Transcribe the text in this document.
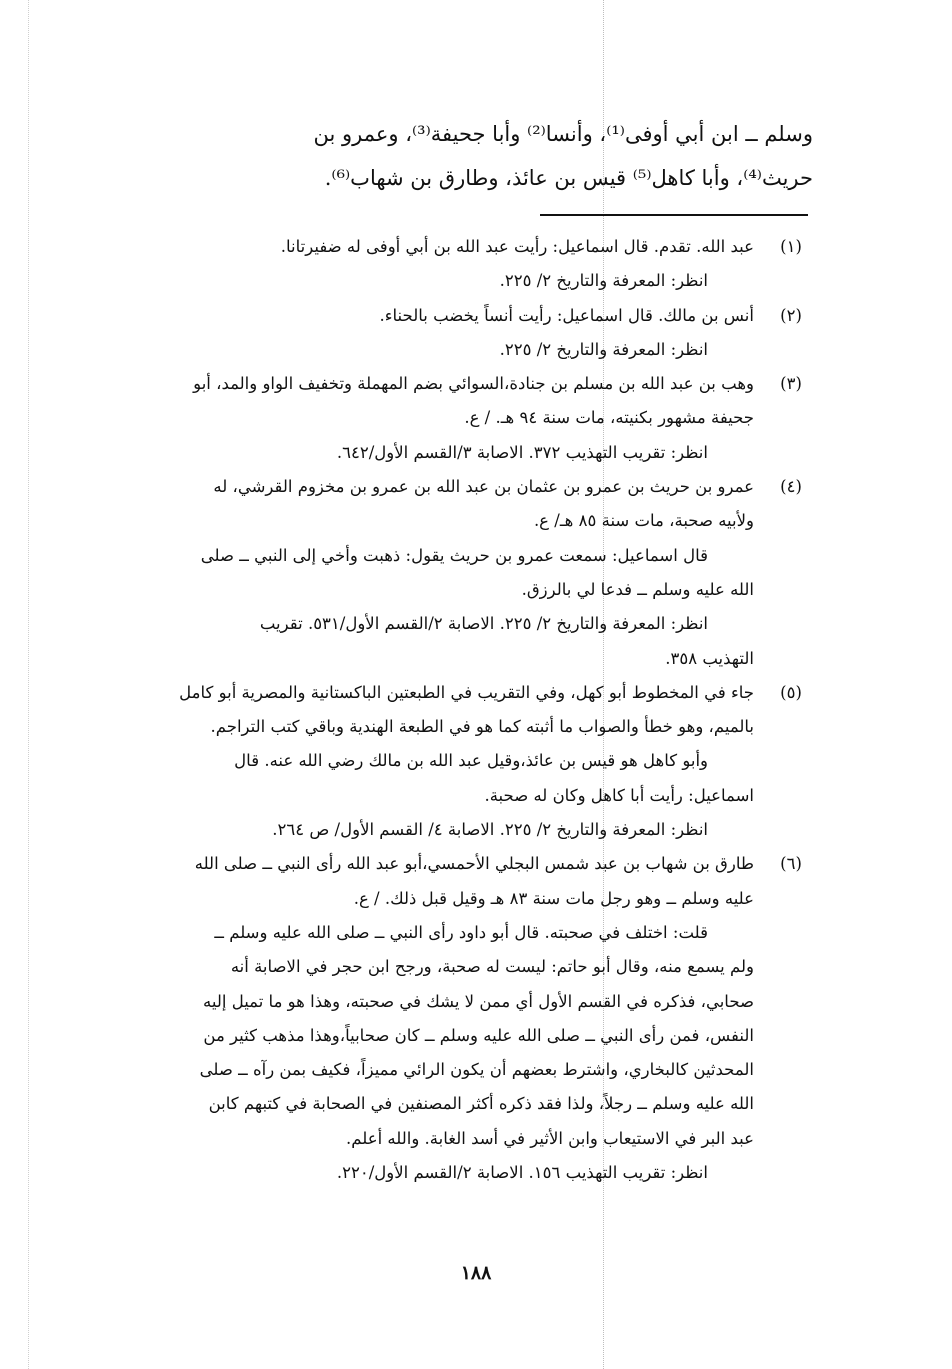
وسلم ــ ابن أبي أوفى⁽¹⁾، وأنسا⁽²⁾ وأبا جحيفة⁽³⁾، وعمرو بن
حريث⁽⁴⁾، وأبا كاهل⁽⁵⁾ قيس بن عائذ، وطارق بن شهاب⁽⁶⁾.
(١)
عبد الله. تقدم. قال اسماعيل: رأيت عبد الله بن أبي أوفى له ضفيرتانا.
انظر: المعرفة والتاريخ ٢/ ٢٢٥.
(٢)
أنس بن مالك. قال اسماعيل: رأيت أنساً يخضب بالحناء.
انظر: المعرفة والتاريخ ٢/ ٢٢٥.
(٣)
وهب بن عبد الله بن مسلم بن جنادة،السوائي بضم المهملة وتخفيف الواو والمد، أبو
جحيفة مشهور بكنيته، مات سنة ٩٤ هـ. / ع.
انظر: تقريب التهذيب ٣٧٢. الاصابة ٣/القسم الأول/٦٤٢.
(٤)
عمرو بن حريث بن عمرو بن عثمان بن عبد الله بن عمرو بن مخزوم القرشي، له
ولأبيه صحبة، مات سنة ٨٥ هـ/ ع.
قال اسماعيل: سمعت عمرو بن حريث يقول: ذهبت وأخي إلى النبي ــ صلى
الله عليه وسلم ــ فدعا لي بالرزق.
انظر: المعرفة والتاريخ ٢/ ٢٢٥. الاصابة ٢/القسم الأول/٥٣١. تقريب
التهذيب ٣٥٨.
(٥)
جاء في المخطوط أبو كهل، وفي التقريب في الطبعتين الباكستانية والمصرية أبو كامل
بالميم، وهو خطأ والصواب ما أثبته كما هو في الطبعة الهندية وباقي كتب التراجم.
وأبو كاهل هو قيس بن عائذ،وقيل عبد الله بن مالك رضي الله عنه. قال
اسماعيل: رأيت أبا كاهل وكان له صحبة.
انظر: المعرفة والتاريخ ٢/ ٢٢٥. الاصابة ٤/ القسم الأول/ ص ٢٦٤.
(٦)
طارق بن شهاب بن عبد شمس البجلي الأحمسي،أبو عبد الله رأى النبي ــ صلى الله
عليه وسلم ــ وهو رجل مات سنة ٨٣ هـ وقيل قبل ذلك. / ع.
قلت: اختلف في صحبته. قال أبو داود رأى النبي ــ صلى الله عليه وسلم ــ
ولم يسمع منه، وقال أبو حاتم: ليست له صحبة، ورجح ابن حجر في الاصابة أنه
صحابي، فذكره في القسم الأول أي ممن لا يشك في صحبته، وهذا هو ما تميل إليه
النفس، فمن رأى النبي ــ صلى الله عليه وسلم ــ كان صحابياً،وهذا مذهب كثير من
المحدثين كالبخاري، واشترط بعضهم أن يكون الرائي مميزاً، فكيف بمن رآه ــ صلى
الله عليه وسلم ــ رجلاً، ولذا فقد ذكره أكثر المصنفين في الصحابة في كتبهم كابن
عبد البر في الاستيعاب وابن الأثير في أسد الغابة. والله أعلم.
انظر: تقريب التهذيب ١٥٦. الاصابة ٢/القسم الأول/٢٢٠.
١٨٨
